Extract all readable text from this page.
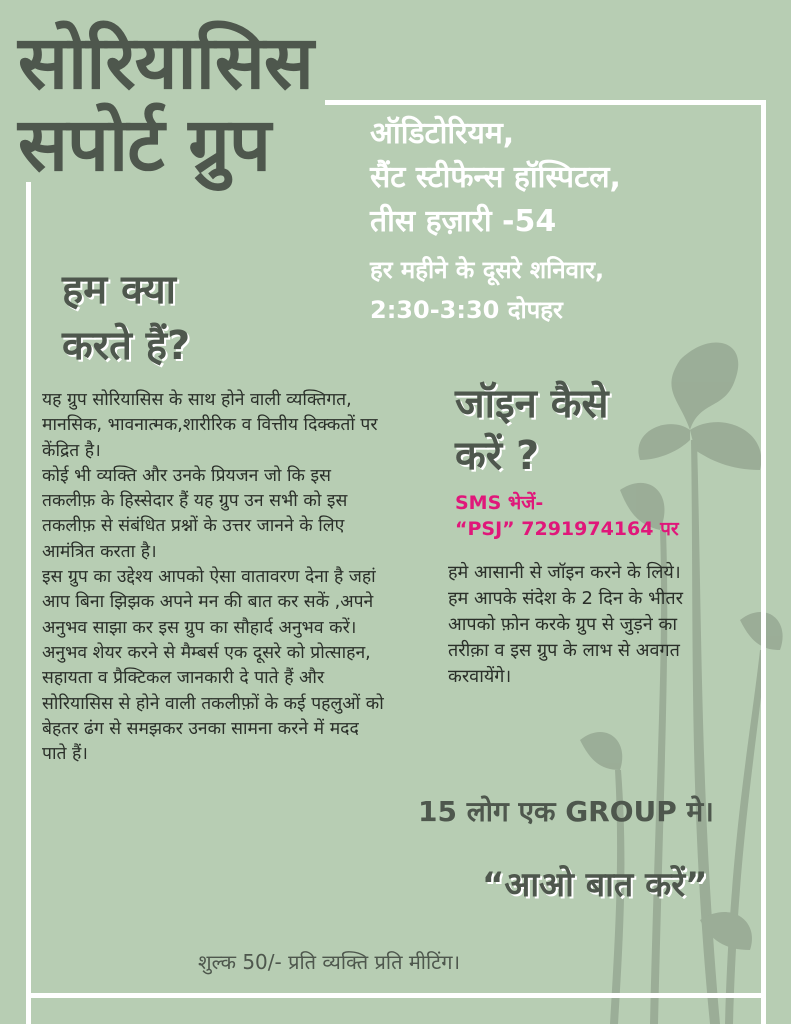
सोरियासिस
सपोर्ट ग्रुप	ऑडिटोरियम,
सैंट स्टीफेन्स हॉस्पिटल,
तीस हज़ारी -54
हर महीने के दूसरे शनिवार,
2:30-3:30 दोपहर
हम क्या
करते हैं?

यह ग्रुप सोरियासिस के साथ होने वाली व्यक्तिगत, मानसिक, भावनात्मक,शारीरिक व वित्तीय दिक्कतों पर केंद्रित है।

कोई भी व्यक्ति और उनके प्रियजन जो कि इस तकलीफ़ के हिस्सेदार हैं यह ग्रुप उन सभी को इस तकलीफ़ से संबंधित प्रश्नों के उत्तर जानने के लिए आमंत्रित करता है।

इस ग्रुप का उद्देश्य आपको ऐसा वातावरण देना है जहां आप बिना झिझक अपने मन की बात कर सकें ,अपने अनुभव साझा कर इस ग्रुप का सौहार्द अनुभव करें।

अनुभव शेयर करने से मैम्बर्स एक दूसरे को प्रोत्साहन, सहायता व प्रैक्टिकल जानकारी दे पाते हैं और सोरियासिस से होने वाली तकलीफ़ों के कई पहलुओं को बेहतर ढंग से समझकर उनका सामना करने में मदद पाते हैं।

जॉइन कैसे
करें ?
SMS भेजें-
“PSJ” 7291974164 पर

हमे आसानी से जॉइन करने के लिये।

हम आपके संदेश के 2 दिन के भीतर आपको फ़ोन करके ग्रुप से जुड़ने का तरीक़ा व इस ग्रुप के लाभ से अवगत करवायेंगे।

15 लोग एक GROUP मे।
“आओ बात करें”
शुल्क 50/- प्रति व्यक्ति प्रति मीटिंग।
